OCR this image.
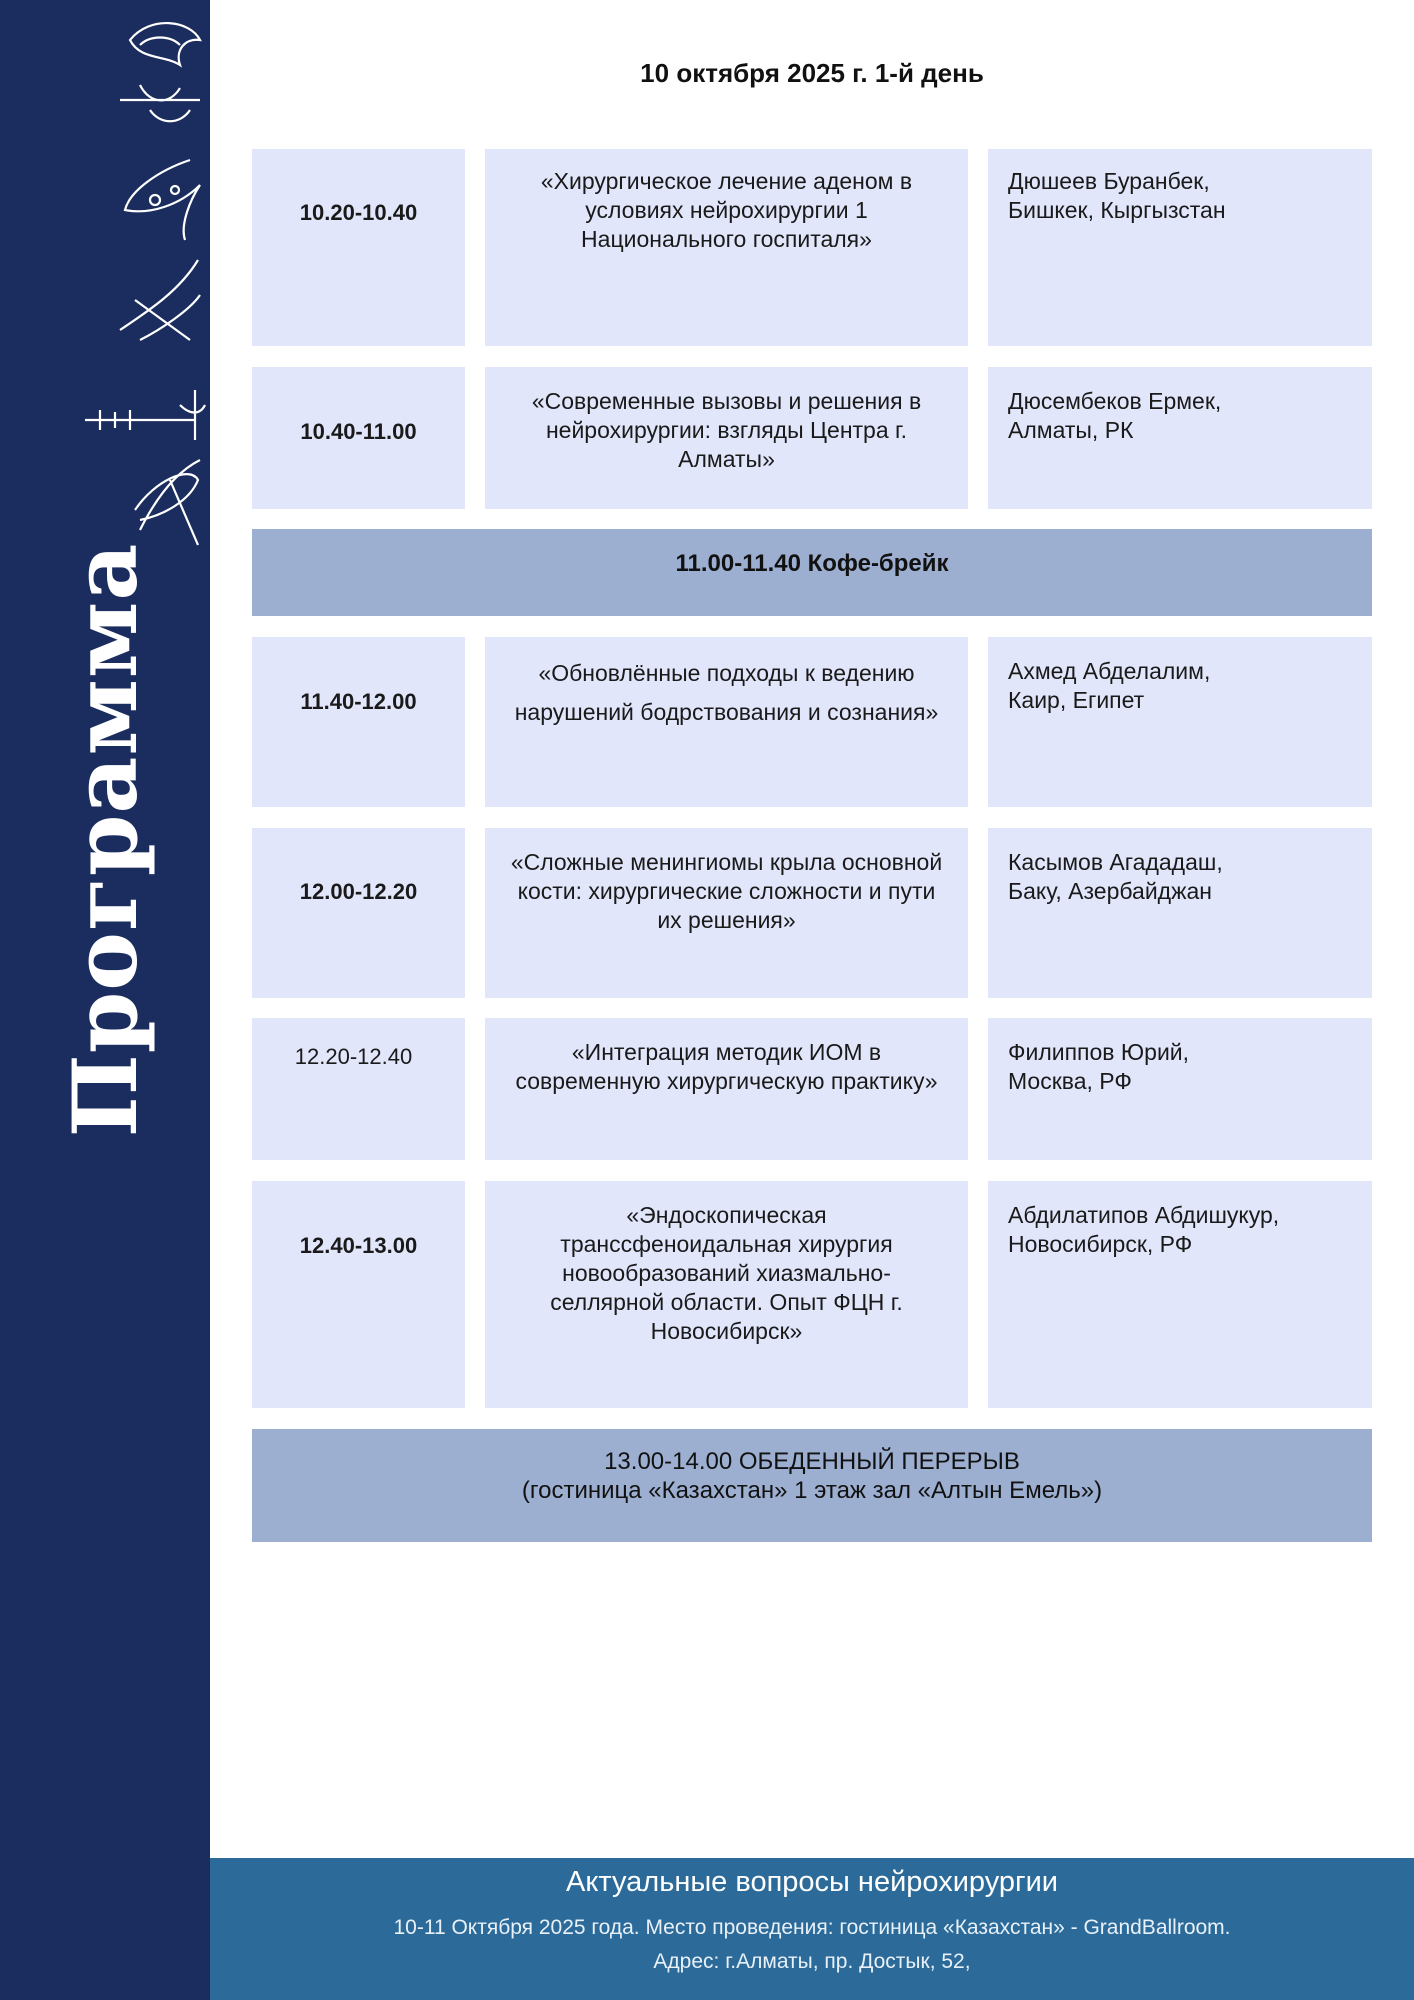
Программа
10 октября 2025 г. 1-й день
10.20-10.40
«Хирургическое лечение аденом в условиях нейрохирургии 1 Национального госпиталя»
Дюшеев Буранбек,
Бишкек, Кыргызстан
10.40-11.00
«Современные вызовы и решения в нейрохирургии: взгляды Центра г. Алматы»
Дюсембеков Ермек,
Алматы, РК
11.00-11.40 Кофе-брейк
11.40-12.00
«Обновлённые подходы к ведению нарушений бодрствования и сознания»
Ахмед Абделалим,
Каир, Египет
12.00-12.20
«Сложные менингиомы крыла основной кости: хирургические сложности и пути их решения»
Касымов Агададаш,
Баку, Азербайджан
12.20-12.40	«Интеграция методик ИОМ в современную хирургическую практику»
Филиппов Юрий,
Москва, РФ
12.40-13.00
«Эндоскопическая транссфеноидальная хирургия новообразований хиазмально-селлярной области. Опыт ФЦН г. Новосибирск»
Абдилатипов Абдишукур,
Новосибирск, РФ
13.00-14.00 ОБЕДЕННЫЙ ПЕРЕРЫВ
(гостиница «Казахстан» 1 этаж зал «Алтын Емель»)
Актуальные вопросы нейрохирургии
10-11 Октября 2025 года. Место проведения: гостиница «Казахстан» - GrandBallroom.
Адрес: г.Алматы, пр. Достык, 52,
